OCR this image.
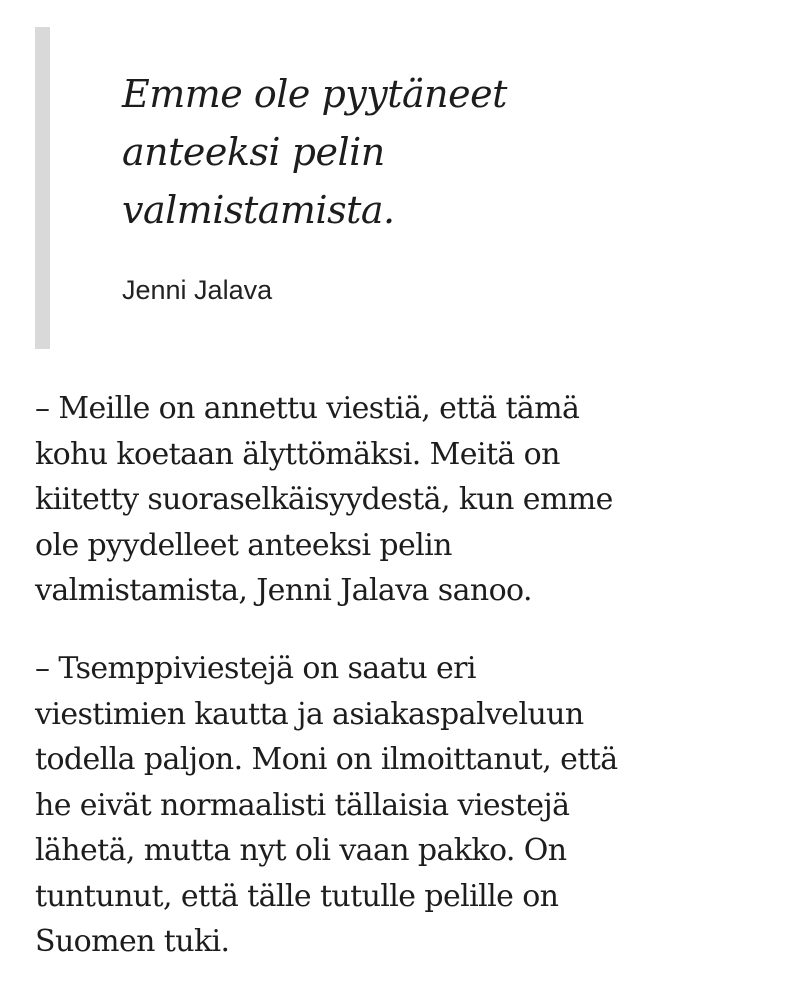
Emme ole pyytäneet
anteeksi pelin
valmistamista.

Jenni Jalava

– Meille on annettu viestiä, että tämä
kohu koetaan älyttömäksi. Meitä on
kiitetty suoraselkäisyydestä, kun emme
ole pyydelleet anteeksi pelin
valmistamista, Jenni Jalava sanoo.

– Tsemppiviestejä on saatu eri
viestimien kautta ja asiakaspalveluun
todella paljon. Moni on ilmoittanut, että
he eivät normaalisti tällaisia viestejä
lähetä, mutta nyt oli vaan pakko. On
tuntunut, että tälle tutulle pelille on
Suomen tuki.
